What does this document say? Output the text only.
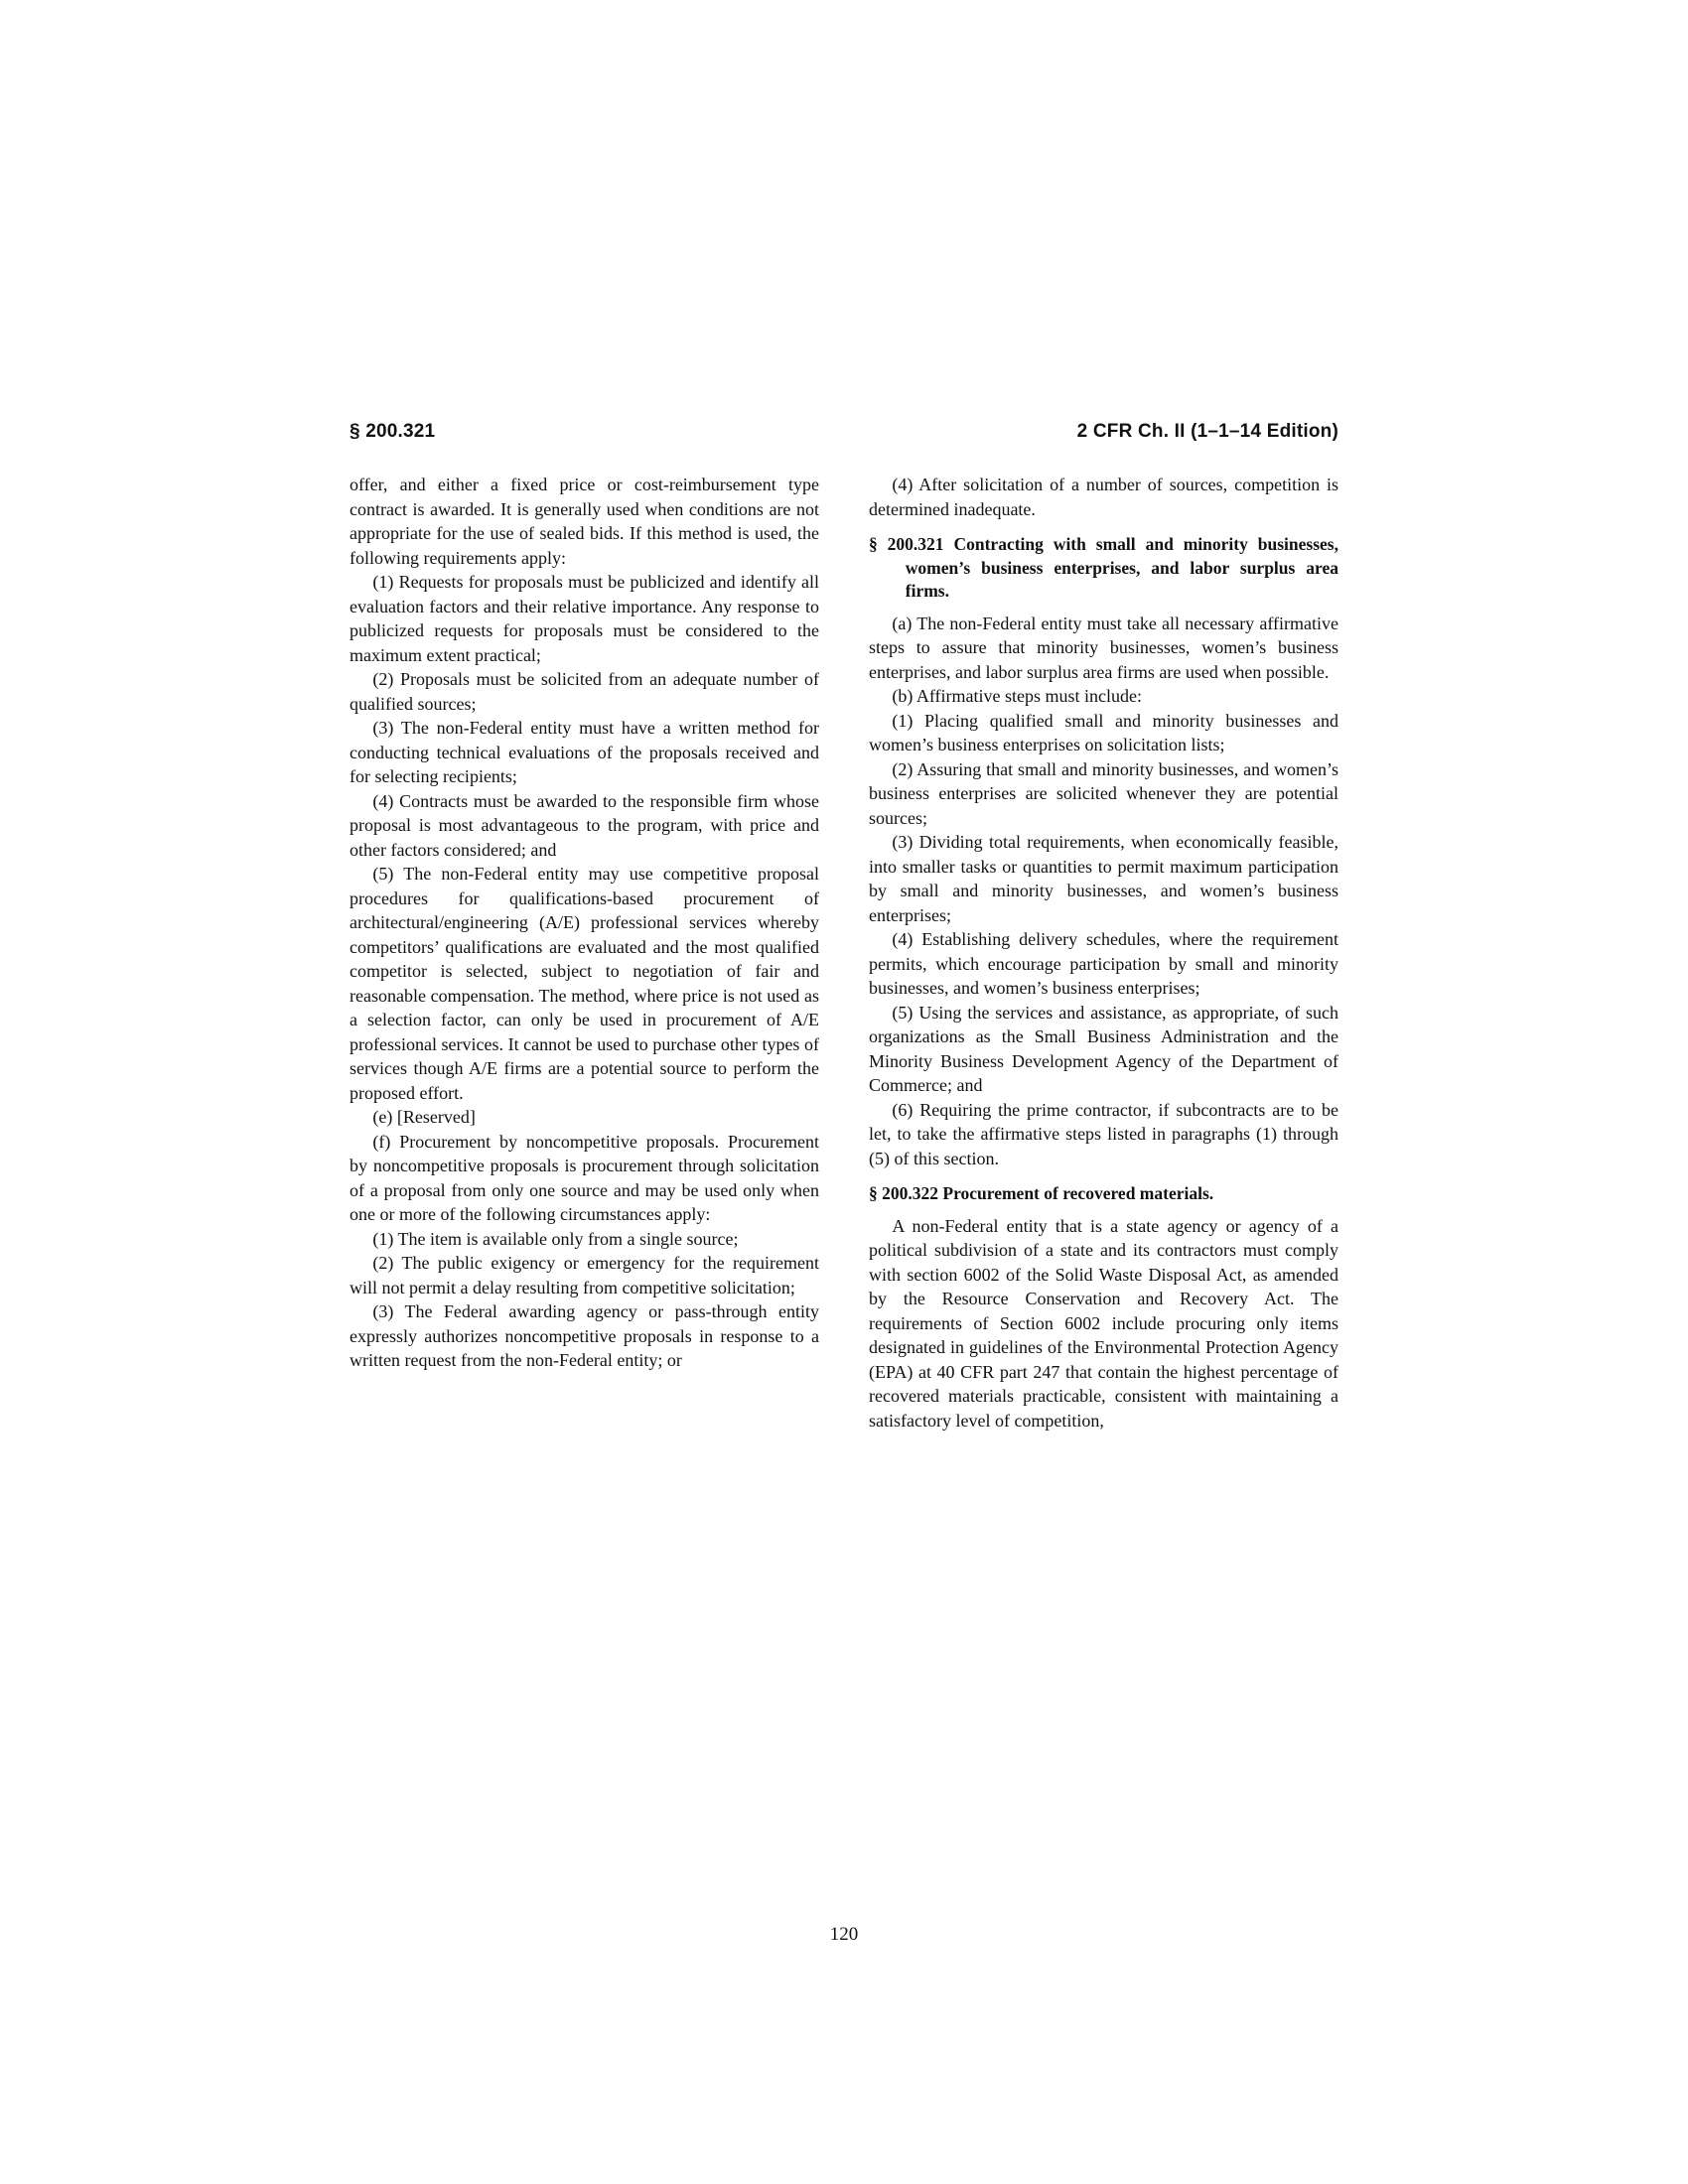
§ 200.321	2 CFR Ch. II (1–1–14 Edition)

offer, and either a fixed price or cost-reimbursement type contract is awarded. It is generally used when conditions are not appropriate for the use of sealed bids. If this method is used, the following requirements apply:

(1) Requests for proposals must be publicized and identify all evaluation factors and their relative importance. Any response to publicized requests for proposals must be considered to the maximum extent practical;

(2) Proposals must be solicited from an adequate number of qualified sources;

(3) The non-Federal entity must have a written method for conducting technical evaluations of the proposals received and for selecting recipients;

(4) Contracts must be awarded to the responsible firm whose proposal is most advantageous to the program, with price and other factors considered; and

(5) The non-Federal entity may use competitive proposal procedures for qualifications-based procurement of architectural/engineering (A/E) professional services whereby competitors’ qualifications are evaluated and the most qualified competitor is selected, subject to negotiation of fair and reasonable compensation. The method, where price is not used as a selection factor, can only be used in procurement of A/E professional services. It cannot be used to purchase other types of services though A/E firms are a potential source to perform the proposed effort.

(e) [Reserved]

(f) Procurement by noncompetitive proposals. Procurement by noncompetitive proposals is procurement through solicitation of a proposal from only one source and may be used only when one or more of the following circumstances apply:

(1) The item is available only from a single source;

(2) The public exigency or emergency for the requirement will not permit a delay resulting from competitive solicitation;

(3) The Federal awarding agency or pass-through entity expressly authorizes noncompetitive proposals in response to a written request from the non-Federal entity; or

(4) After solicitation of a number of sources, competition is determined inadequate.

§ 200.321 Contracting with small and minority businesses, women’s business enterprises, and labor surplus area firms.

(a) The non-Federal entity must take all necessary affirmative steps to assure that minority businesses, women’s business enterprises, and labor surplus area firms are used when possible.

(b) Affirmative steps must include:

(1) Placing qualified small and minority businesses and women’s business enterprises on solicitation lists;

(2) Assuring that small and minority businesses, and women’s business enterprises are solicited whenever they are potential sources;

(3) Dividing total requirements, when economically feasible, into smaller tasks or quantities to permit maximum participation by small and minority businesses, and women’s business enterprises;

(4) Establishing delivery schedules, where the requirement permits, which encourage participation by small and minority businesses, and women’s business enterprises;

(5) Using the services and assistance, as appropriate, of such organizations as the Small Business Administration and the Minority Business Development Agency of the Department of Commerce; and

(6) Requiring the prime contractor, if subcontracts are to be let, to take the affirmative steps listed in paragraphs (1) through (5) of this section.

§ 200.322 Procurement of recovered materials.

A non-Federal entity that is a state agency or agency of a political subdivision of a state and its contractors must comply with section 6002 of the Solid Waste Disposal Act, as amended by the Resource Conservation and Recovery Act. The requirements of Section 6002 include procuring only items designated in guidelines of the Environmental Protection Agency (EPA) at 40 CFR part 247 that contain the highest percentage of recovered materials practicable, consistent with maintaining a satisfactory level of competition,

120
